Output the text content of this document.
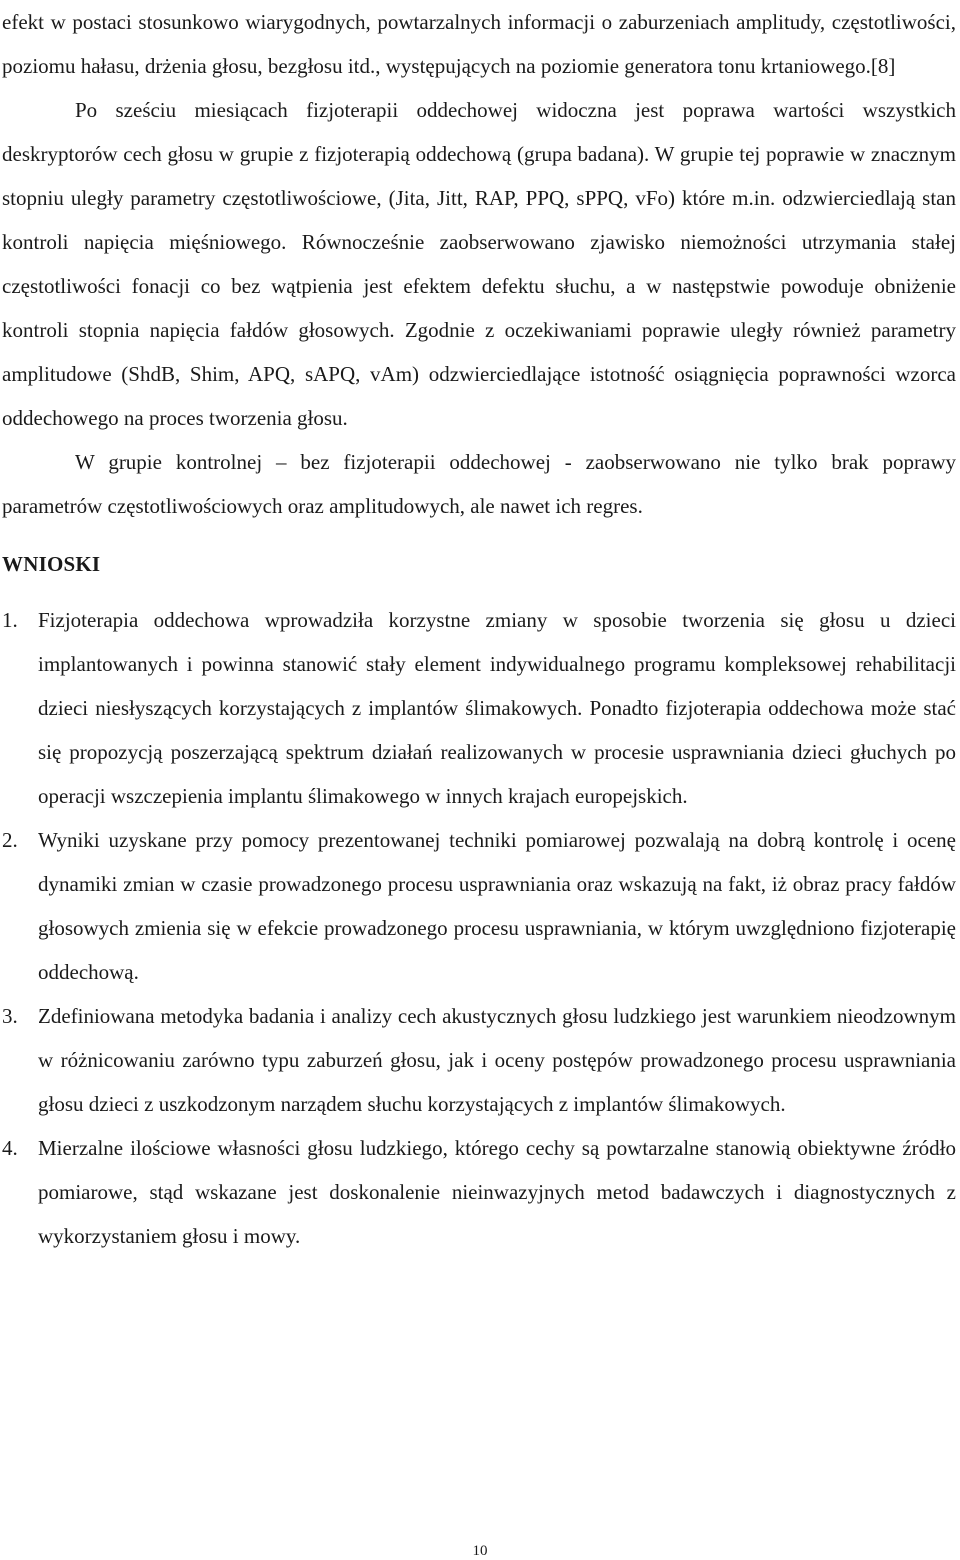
efekt w postaci stosunkowo wiarygodnych, powtarzalnych informacji o zaburzeniach amplitudy, częstotliwości, poziomu hałasu, drżenia głosu, bezgłosu itd., występujących na poziomie generatora tonu krtaniowego.[8]

Po sześciu miesiącach fizjoterapii oddechowej widoczna jest poprawa wartości wszystkich deskryptorów cech głosu w grupie z fizjoterapią oddechową (grupa badana). W grupie tej poprawie w znacznym stopniu uległy parametry częstotliwościowe, (Jita, Jitt, RAP, PPQ, sPPQ, vFo) które m.in. odzwierciedlają stan kontroli napięcia mięśniowego. Równocześnie zaobserwowano zjawisko niemożności utrzymania stałej częstotliwości fonacji co bez wątpienia jest efektem defektu słuchu, a w następstwie powoduje obniżenie kontroli stopnia napięcia fałdów głosowych. Zgodnie z oczekiwaniami poprawie uległy również parametry amplitudowe (ShdB, Shim, APQ, sAPQ, vAm) odzwierciedlające istotność osiągnięcia poprawności wzorca oddechowego na proces tworzenia głosu.

W grupie kontrolnej – bez fizjoterapii oddechowej - zaobserwowano nie tylko brak poprawy parametrów częstotliwościowych oraz amplitudowych, ale nawet ich regres.

WNIOSKI
1. Fizjoterapia oddechowa wprowadziła korzystne zmiany w sposobie tworzenia się głosu u dzieci implantowanych i powinna stanowić stały element indywidualnego programu kompleksowej rehabilitacji dzieci niesłyszących korzystających z implantów ślimakowych. Ponadto fizjoterapia oddechowa może stać się propozycją poszerzającą spektrum działań realizowanych w procesie usprawniania dzieci głuchych po operacji wszczepienia implantu ślimakowego w innych krajach europejskich.
2. Wyniki uzyskane przy pomocy prezentowanej techniki pomiarowej pozwalają na dobrą kontrolę i ocenę dynamiki zmian w czasie prowadzonego procesu usprawniania oraz wskazują na fakt, iż obraz pracy fałdów głosowych zmienia się w efekcie prowadzonego procesu usprawniania, w którym uwzględniono fizjoterapię oddechową.
3. Zdefiniowana metodyka badania i analizy cech akustycznych głosu ludzkiego jest warunkiem nieodzownym w różnicowaniu zarówno typu zaburzeń głosu, jak i oceny postępów prowadzonego procesu usprawniania głosu dzieci z uszkodzonym narządem słuchu korzystających z implantów ślimakowych.
4. Mierzalne ilościowe własności głosu ludzkiego, którego cechy są powtarzalne stanowią obiektywne źródło pomiarowe, stąd wskazane jest doskonalenie nieinwazyjnych metod badawczych i diagnostycznych z wykorzystaniem głosu i mowy.
10
